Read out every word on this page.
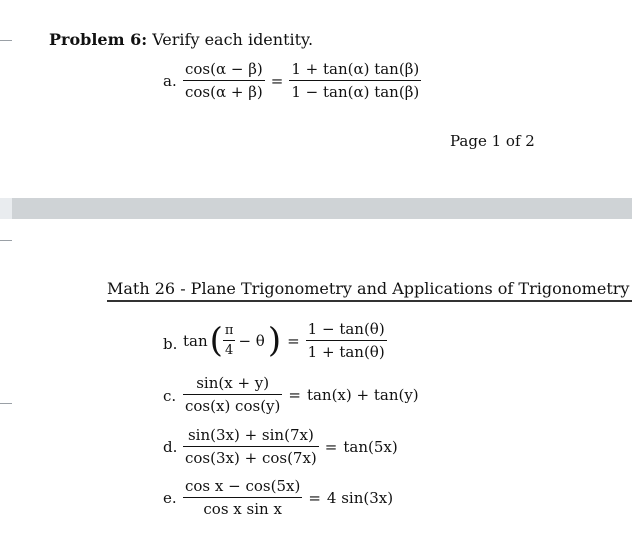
Problem 6: Verify each identity.
a. $\frac{\cos(\alpha - \beta)}{\cos(\alpha + \beta)} = \frac{1 + \tan(\alpha) \tan(\beta)}{1 - \tan(\alpha) \tan(\beta)}$
Page 1 of 2
Math 26 - Plane Trigonometry and Applications of Trigonometry
b. $\tan( \frac{\pi}{4} - \theta) = \frac{1 - \tan(\theta)}{1 + \tan(\theta)}$
c. $\frac{\sin(x + y)}{\cos(x) \cos(y)} = \tan(x) + \tan(y)$
d. $\frac{\sin(3x) + \sin(7x)}{\cos(3x) + \cos(7x)} = \tan(5x)$
e. $\frac{\text{cos x − cos(5x)}}{\text{cos x sin x}} = 4$ sin(3x)
